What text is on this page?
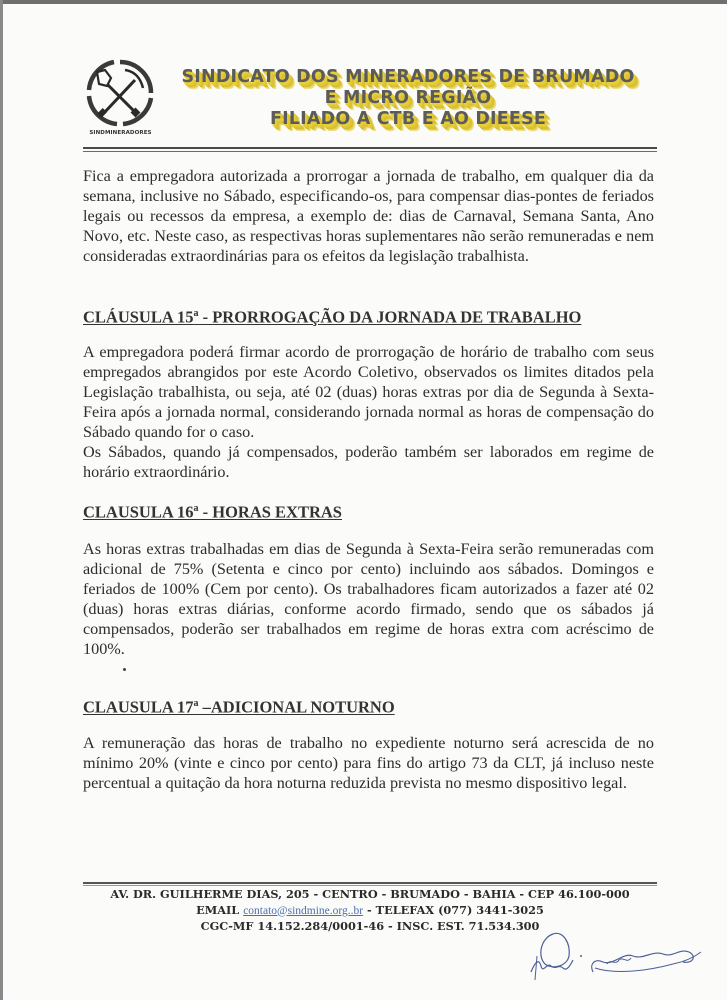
SINDMINERADORES
SINDICATO DOS MINERADORES DE BRUMADO
E MICRO REGIÃO
FILIADO A CTB E AO DIEESE

Fica a empregadora autorizada a prorrogar a jornada de trabalho, em qualquer dia da semana, inclusive no Sábado, especificando-os, para compensar dias-pontes de feriados legais ou recessos da empresa, a exemplo de: dias de Carnaval, Semana Santa, Ano Novo, etc. Neste caso, as respectivas horas suplementares não serão remuneradas e nem consideradas extraordinárias para os efeitos da legislação trabalhista.

CLÁUSULA 15$^a$ - PRORROGAÇÃO DA JORNADA DE TRABALHO

A empregadora poderá firmar acordo de prorrogação de horário de trabalho com seus empregados abrangidos por este Acordo Coletivo, observados os limites ditados pela Legislação trabalhista, ou seja, até 02 (duas) horas extras por dia de Segunda à Sexta-Feira após a jornada normal, considerando jornada normal as horas de compensação do Sábado quando for o caso.

Os Sábados, quando já compensados, poderão também ser laborados em regime de horário extraordinário.

CLAUSULA 16$^a$ - HORAS EXTRAS

As horas extras trabalhadas em dias de Segunda à Sexta-Feira serão remuneradas com adicional de 75% (Setenta e cinco por cento) incluindo aos sábados. Domingos e feriados de 100% (Cem por cento). Os trabalhadores ficam autorizados a fazer até 02 (duas) horas extras diárias, conforme acordo firmado, sendo que os sábados já compensados, poderão ser trabalhados em regime de horas extra com acréscimo de 100%.

CLAUSULA 17$^a$ –ADICIONAL NOTURNO

A remuneração das horas de trabalho no expediente noturno será acrescida de no mínimo 20% (vinte e cinco por cento) para fins do artigo 73 da CLT, já incluso neste percentual a quitação da hora noturna reduzida prevista no mesmo dispositivo legal.

AV. DR. GUILHERME DIAS, 205 - CENTRO - BRUMADO - BAHIA - CEP 46.100-000
EMAIL contato@sindmine.org..br - TELEFAX (077) 3441-3025
CGC-MF 14.152.284/0001-46 - INSC. EST. 71.534.300
